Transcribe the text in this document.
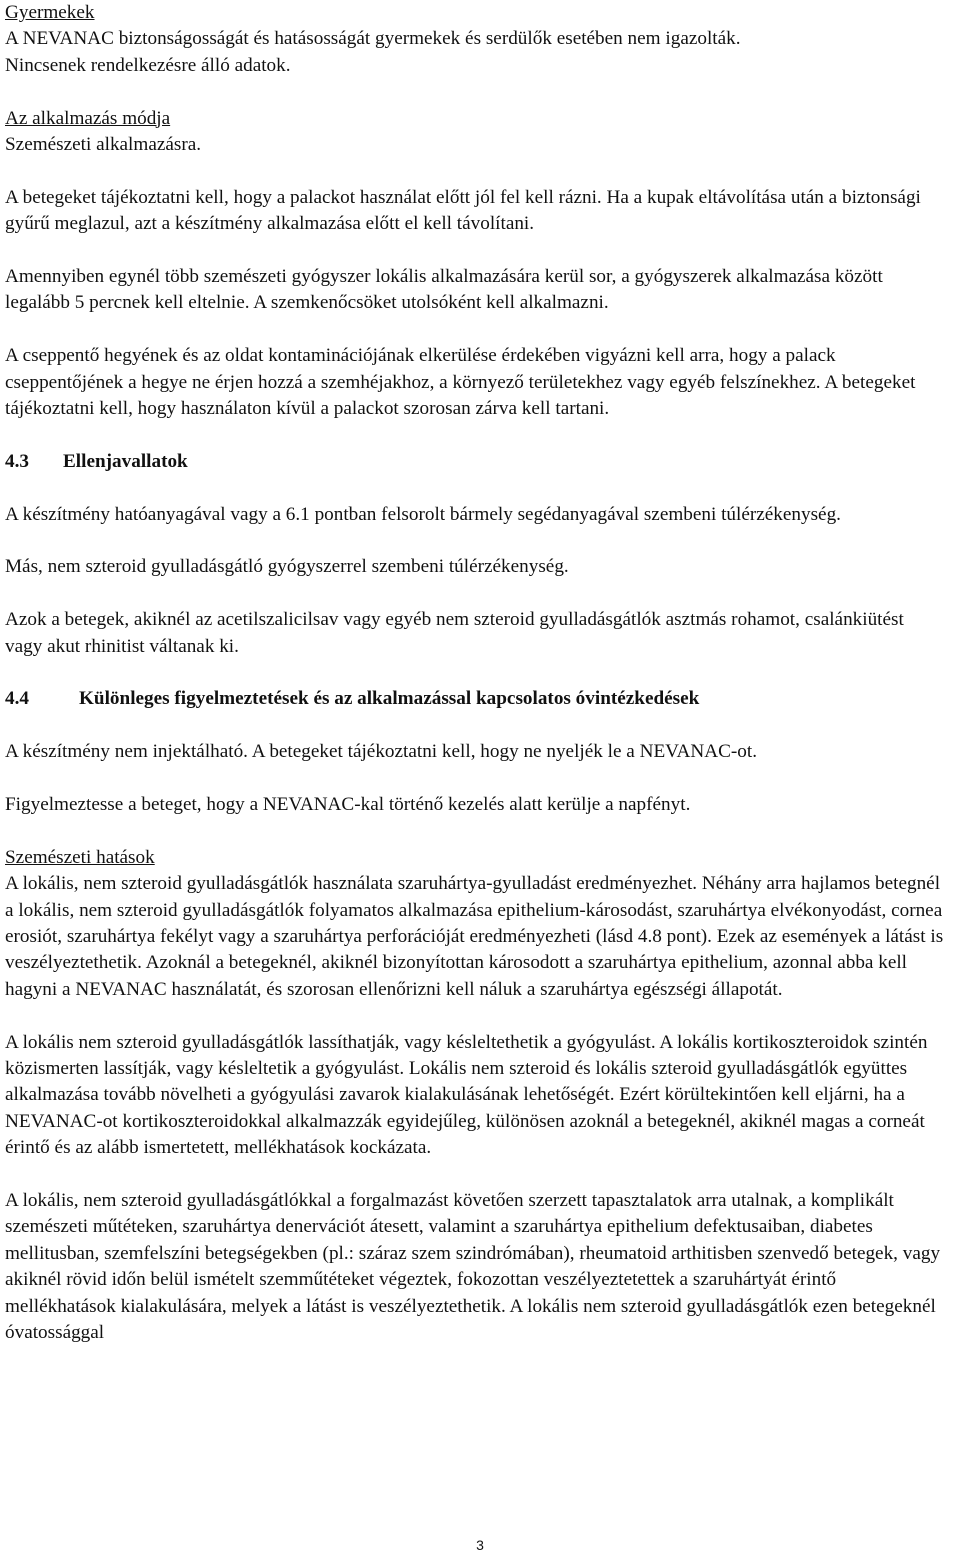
Gyermekek

A NEVANAC biztonságosságát és hatásosságát gyermekek és serdülők esetében nem igazolták.

Nincsenek rendelkezésre álló adatok.

Az alkalmazás módja

Szemészeti alkalmazásra.

A betegeket tájékoztatni kell, hogy a palackot használat előtt jól fel kell rázni. Ha a kupak eltávolítása után a biztonsági gyűrű meglazul, azt a készítmény alkalmazása előtt el kell távolítani.

Amennyiben egynél több szemészeti gyógyszer lokális alkalmazására kerül sor, a gyógyszerek alkalmazása között legalább 5 percnek kell eltelnie. A szemkenőcsöket utolsóként kell alkalmazni.

A cseppentő hegyének és az oldat kontaminációjának elkerülése érdekében vigyázni kell arra, hogy a palack cseppentőjének a hegye ne érjen hozzá a szemhéjakhoz, a környező területekhez vagy egyéb felszínekhez. A betegeket tájékoztatni kell, hogy használaton kívül a palackot szorosan zárva kell tartani.

4.3 Ellenjavallatok

A készítmény hatóanyagával vagy a 6.1 pontban felsorolt bármely segédanyagával szembeni túlérzékenység.

Más, nem szteroid gyulladásgátló gyógyszerrel szembeni túlérzékenység.

Azok a betegek, akiknél az acetilszalicilsav vagy egyéb nem szteroid gyulladásgátlók asztmás rohamot, csalánkiütést vagy akut rhinitist váltanak ki.

4.4	Különleges figyelmeztetések és az alkalmazással kapcsolatos óvintézkedések

A készítmény nem injektálható. A betegeket tájékoztatni kell, hogy ne nyeljék le a NEVANAC-ot.

Figyelmeztesse a beteget, hogy a NEVANAC-kal történő kezelés alatt kerülje a napfényt.

Szemészeti hatások

A lokális, nem szteroid gyulladásgátlók használata szaruhártya-gyulladást eredményezhet. Néhány arra hajlamos betegnél a lokális, nem szteroid gyulladásgátlók folyamatos alkalmazása epithelium-károsodást, szaruhártya elvékonyodást, cornea erosiót, szaruhártya fekélyt vagy a szaruhártya perforációját eredményezheti (lásd 4.8 pont). Ezek az események a látást is veszélyeztethetik. Azoknál a betegeknél, akiknél bizonyítottan károsodott a szaruhártya epithelium, azonnal abba kell hagyni a NEVANAC használatát, és szorosan ellenőrizni kell náluk a szaruhártya egészségi állapotát.

A lokális nem szteroid gyulladásgátlók lassíthatják, vagy késleltethetik a gyógyulást. A lokális kortikoszteroidok szintén közismerten lassítják, vagy késleltetik a gyógyulást. Lokális nem szteroid és lokális szteroid gyulladásgátlók együttes alkalmazása tovább növelheti a gyógyulási zavarok kialakulásának lehetőségét. Ezért körültekintően kell eljárni, ha a NEVANAC-ot kortikoszteroidokkal alkalmazzák egyidejűleg, különösen azoknál a betegeknél, akiknél magas a corneát érintő és az alább ismertetett, mellékhatások kockázata.

A lokális, nem szteroid gyulladásgátlókkal a forgalmazást követően szerzett tapasztalatok arra utalnak, a komplikált szemészeti műtéteken, szaruhártya denervációt átesett, valamint a szaruhártya epithelium defektusaiban, diabetes mellitusban, szemfelszíni betegségekben (pl.: száraz szem szindrómában), rheumatoid arthitisben szenvedő betegek, vagy akiknél rövid időn belül ismételt szemműtéteket végeztek, fokozottan veszélyeztetettek a szaruhártyát érintő mellékhatások kialakulására, melyek a látást is veszélyeztethetik. A lokális nem szteroid gyulladásgátlók ezen betegeknél óvatossággal

3
